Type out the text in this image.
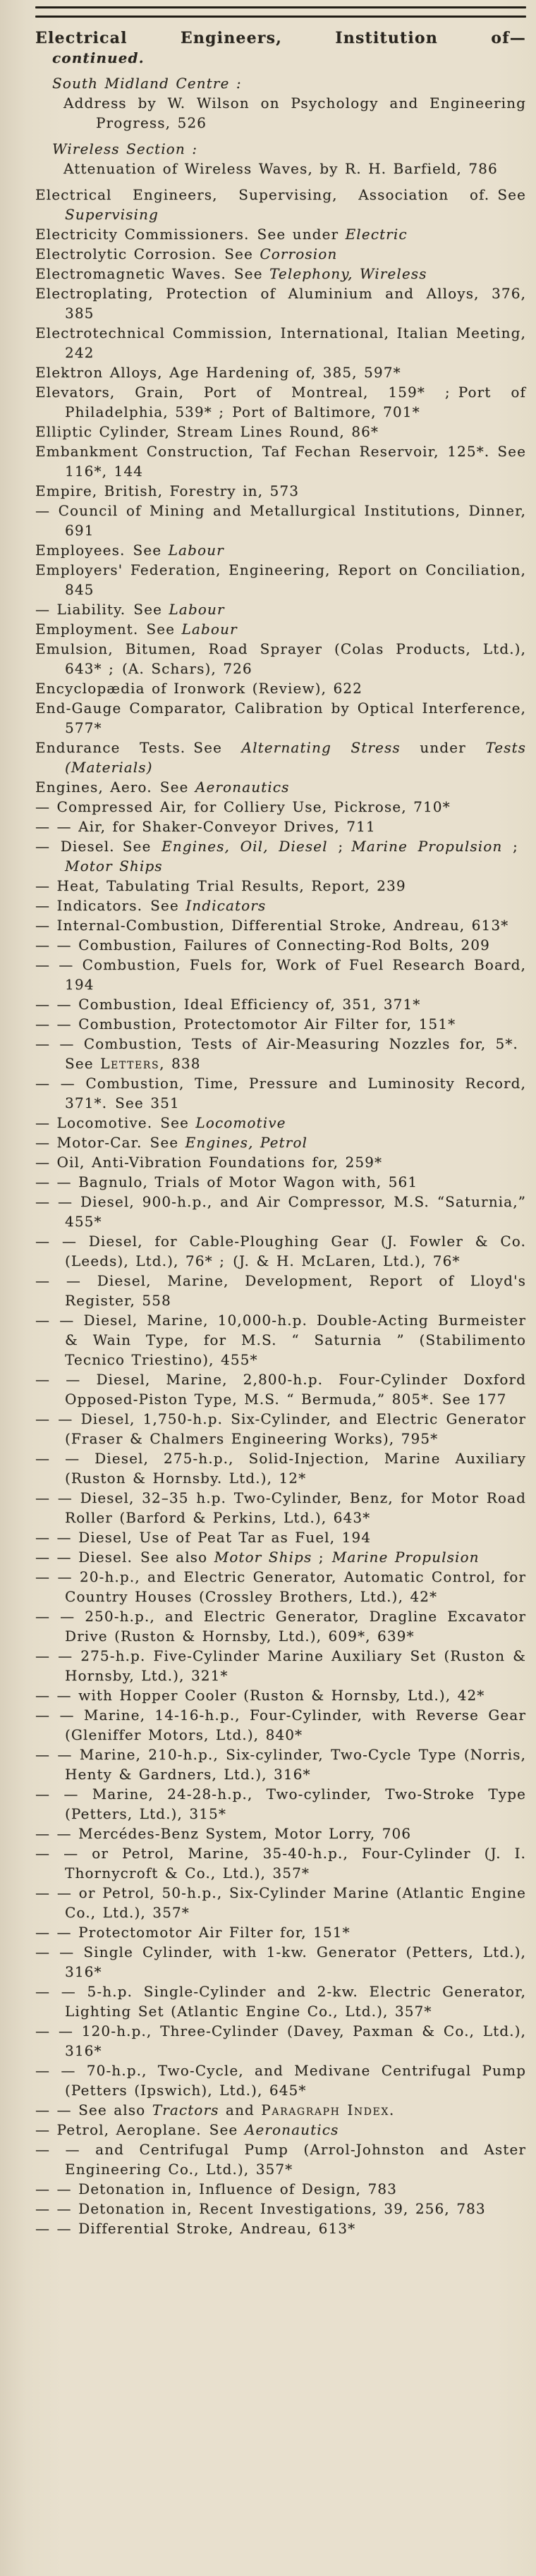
Electrical Engineers, Institution of—
continued.
South Midland Centre :
Address by W. Wilson on Psychology and Engineering Progress, 526
Wireless Section :
Attenuation of Wireless Waves, by R. H. Barfield, 786
Electrical Engineers, Supervising, Association of. See Supervising
Electricity Commissioners. See under Electric
Electrolytic Corrosion. See Corrosion
Electromagnetic Waves. See Telephony, Wireless
Electroplating, Protection of Aluminium and Alloys, 376, 385
Electrotechnical Commission, International, Italian Meeting, 242
Elektron Alloys, Age Hardening of, 385, 597*
Elevators, Grain, Port of Montreal, 159* ; Port of Philadelphia, 539* ; Port of Baltimore, 701*
Elliptic Cylinder, Stream Lines Round, 86*
Embankment Construction, Taf Fechan Reservoir, 125*. See 116*, 144
Empire, British, Forestry in, 573
— Council of Mining and Metallurgical Institutions, Dinner, 691
Employees. See Labour
Employers' Federation, Engineering, Report on Conciliation, 845
— Liability. See Labour
Employment. See Labour
Emulsion, Bitumen, Road Sprayer (Colas Products, Ltd.), 643* ; (A. Schars), 726
Encyclopædia of Ironwork (Review), 622
End-Gauge Comparator, Calibration by Optical Interference, 577*
Endurance Tests. See Alternating Stress under Tests (Materials)
Engines, Aero. See Aeronautics
— Compressed Air, for Colliery Use, Pickrose, 710*
— — Air, for Shaker-Conveyor Drives, 711
— Diesel. See Engines, Oil, Diesel ; Marine Propulsion ; Motor Ships
— Heat, Tabulating Trial Results, Report, 239
— Indicators. See Indicators
— Internal-Combustion, Differential Stroke, Andreau, 613*
— — Combustion, Failures of Connecting-Rod Bolts, 209
— — Combustion, Fuels for, Work of Fuel Research Board, 194
— — Combustion, Ideal Efficiency of, 351, 371*
— — Combustion, Protectomotor Air Filter for, 151*
— — Combustion, Tests of Air-Measuring Nozzles for, 5*. See Letters, 838
— — Combustion, Time, Pressure and Luminosity Record, 371*. See 351
— Locomotive. See Locomotive
— Motor-Car. See Engines, Petrol
— Oil, Anti-Vibration Foundations for, 259*
— — Bagnulo, Trials of Motor Wagon with, 561
— — Diesel, 900-h.p., and Air Compressor, M.S. “Saturnia,” 455*
— — Diesel, for Cable-Ploughing Gear (J. Fowler & Co. (Leeds), Ltd.), 76* ; (J. & H. McLaren, Ltd.), 76*
— — Diesel, Marine, Development, Report of Lloyd's Register, 558
— — Diesel, Marine, 10,000-h.p. Double-Acting Burmeister & Wain Type, for M.S. “ Saturnia ” (Stabilimento Tecnico Triestino), 455*
— — Diesel, Marine, 2,800-h.p. Four-Cylinder Doxford Opposed-Piston Type, M.S. “ Bermuda,” 805*. See 177
— — Diesel, 1,750-h.p. Six-Cylinder, and Electric Generator (Fraser & Chalmers Engineering Works), 795*
— — Diesel, 275-h.p., Solid-Injection, Marine Auxiliary (Ruston & Hornsby. Ltd.), 12*
— — Diesel, 32–35 h.p. Two-Cylinder, Benz, for Motor Road Roller (Barford & Perkins, Ltd.), 643*
— — Diesel, Use of Peat Tar as Fuel, 194
— — Diesel. See also Motor Ships ; Marine Propulsion
— — 20-h.p., and Electric Generator, Automatic Control, for Country Houses (Crossley Brothers, Ltd.), 42*
— — 250-h.p., and Electric Generator, Dragline Excavator Drive (Ruston & Hornsby, Ltd.), 609*, 639*
— — 275-h.p. Five-Cylinder Marine Auxiliary Set (Ruston & Hornsby, Ltd.), 321*
— — with Hopper Cooler (Ruston & Hornsby, Ltd.), 42*
— — Marine, 14-16-h.p., Four-Cylinder, with Reverse Gear (Gleniffer Motors, Ltd.), 840*
— — Marine, 210-h.p., Six-cylinder, Two-Cycle Type (Norris, Henty & Gardners, Ltd.), 316*
— — Marine, 24-28-h.p., Two-cylinder, Two-Stroke Type (Petters, Ltd.), 315*
— — Mercédes-Benz System, Motor Lorry, 706
— — or Petrol, Marine, 35-40-h.p., Four-Cylinder (J. I. Thornycroft & Co., Ltd.), 357*
— — or Petrol, 50-h.p., Six-Cylinder Marine (Atlantic Engine Co., Ltd.), 357*
— — Protectomotor Air Filter for, 151*
— — Single Cylinder, with 1-kw. Generator (Petters, Ltd.), 316*
— — 5-h.p. Single-Cylinder and 2-kw. Electric Generator, Lighting Set (Atlantic Engine Co., Ltd.), 357*
— — 120-h.p., Three-Cylinder (Davey, Paxman & Co., Ltd.), 316*
— — 70-h.p., Two-Cycle, and Medivane Centrifugal Pump (Petters (Ipswich), Ltd.), 645*
— — See also Tractors and Paragraph Index.
— Petrol, Aeroplane. See Aeronautics
— — and Centrifugal Pump (Arrol-Johnston and Aster Engineering Co., Ltd.), 357*
— — Detonation in, Influence of Design, 783
— — Detonation in, Recent Investigations, 39, 256, 783
— — Differential Stroke, Andreau, 613*
